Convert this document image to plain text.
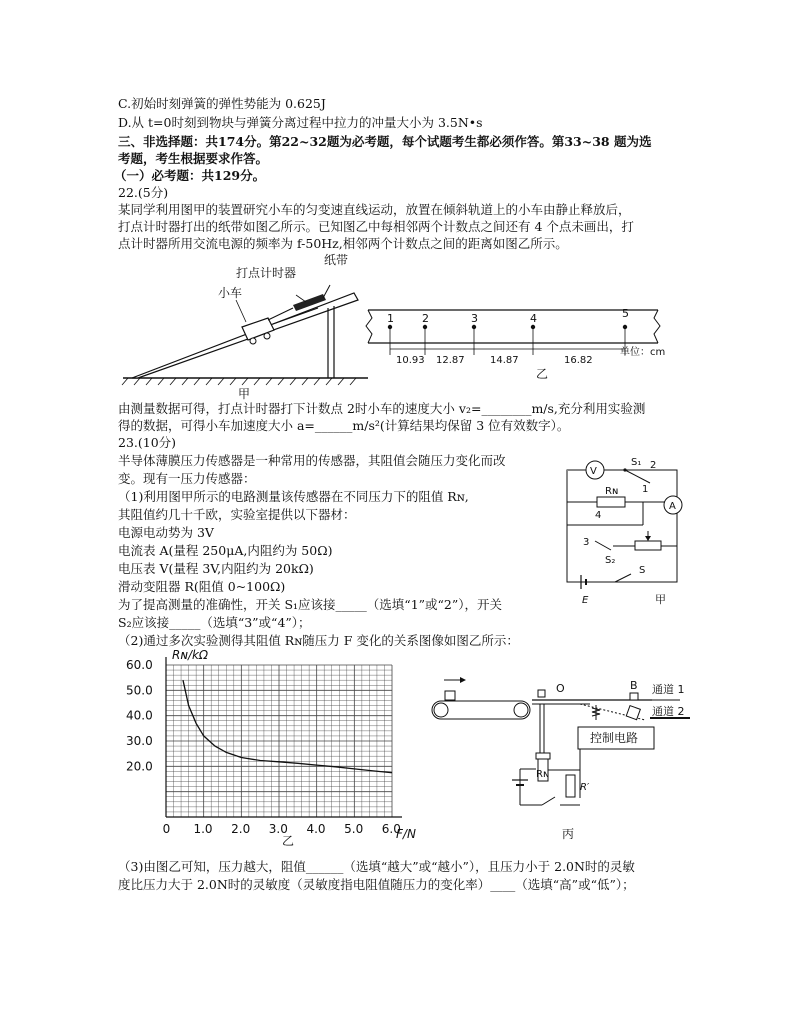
C.初始时刻弹簧的弹性势能为 0.625J
D.从 t=0时刻到物块与弹簧分离过程中拉力的冲量大小为 3.5N•s
三、非选择题：共174分。第22~32题为必考题，每个试题考生都必须作答。第33~38 题为选
考题，考生根据要求作答。
（一）必考题：共129分。
22.(5分)
某同学利用图甲的装置研究小车的匀变速直线运动，放置在倾斜轨道上的小车由静止释放后，
打点计时器打出的纸带如图乙所示。已知图乙中每相邻两个计数点之间还有 4 个点未画出，打
点计时器所用交流电源的频率为 f-50Hz,相邻两个计数点之间的距离如图乙所示。
打点计时器
纸带
小车
甲
1	2	3	4	5
10.93 12.87	14.87	16.82
单位：cm
乙
由测量数据可得，打点计时器打下计数点 2时小车的速度大小 v₂=________m/s,充分利用实验测
得的数据，可得小车加速度大小 a=______m/s²(计算结果均保留 3 位有效数字）。
23.(10分)
半导体薄膜压力传感器是一种常用的传感器，其阻值会随压力变化而改
变。现有一压力传感器：
（1)利用图甲所示的电路测量该传感器在不同压力下的阻值 Rɴ,
其阻值约几十千欧，实验室提供以下器材：
电源电动势为 3V
电流表 A(量程 250μA,内阻约为 50Ω)
电压表 V(量程 3V,内阻约为 20kΩ)
滑动变阻器 R(阻值 0~100Ω)
为了提高测量的准确性，开关 S₁应该接_____（选填“1”或“2”），开关
S₂应该接_____（选填“3”或“4”）；
（2)通过多次实验测得其阻值 Rɴ随压力 F 变化的关系图像如图乙所示：
V
S₁ 2
1
Rɴ
A
4
3
S₂
E
S
甲
0 1.0 2.0 3.0 4.0 5.0 6.0
20.0
30.0
40.0
50.0
60.0
Rɴ/kΩ
F/N
乙
O	B 通道 1
通道 2
控制电路
Rɴ
R′
丙
（3)由图乙可知，压力越大，阻值______（选填“越大”或“越小”），且压力小于 2.0N时的灵敏
度比压力大于 2.0N时的灵敏度（灵敏度指电阻值随压力的变化率）____（选填“高”或“低”）；
